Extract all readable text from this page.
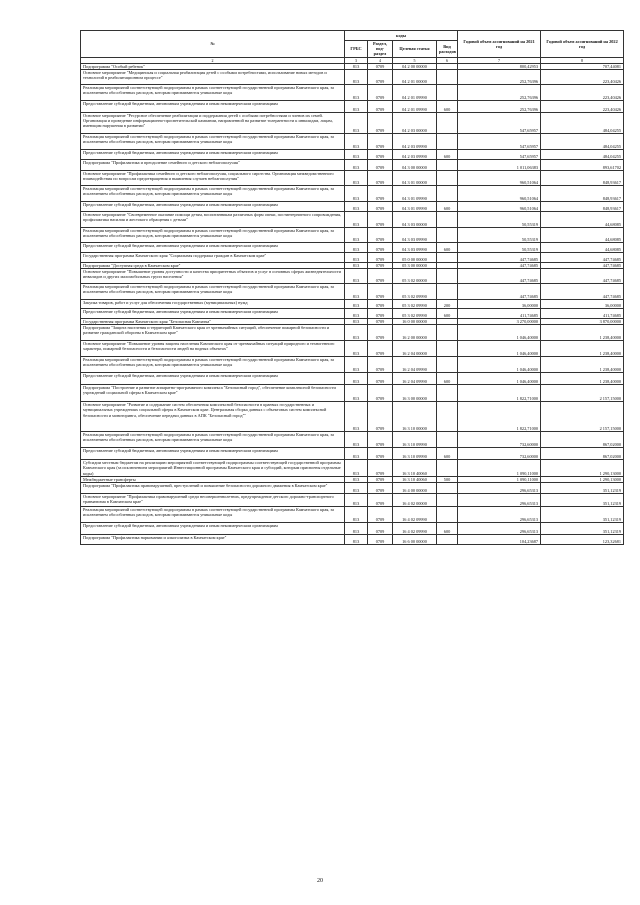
№	коды				Годовой объем ассигнований на 2021 год	Годовой объем ассигнований на 2022 год
	ГРБС	Раздел, под-раздел	Целевая статья	Вид расходов		
2	3	4	5	6	7	8
Подпрограмма "Особый ребенок"	813	0709	04 2 00 00000		800,42953	707,44081
Основное мероприятие "Медицинская и социальная реабилитация детей с особыми потребностями, использование новых методов и технологий в реабилитационном процессе"	813	0709	04 2 01 00000		252,76396	223,40426
Реализация мероприятий соответствующей подпрограммы в рамках соответствующей государственной программы Камчатского края, за исключением обособленных расходов, которым присваиваются уникальные коды	813	0709	04 2 01 09990		252,76396	223,40426
Предоставление субсидий бюджетным, автономным учреждениям и иным некоммерческим организациям	813	0709	04 2 01 09990	600	252,76396	223,40426
Основное мероприятие "Ресурсное обеспечение реабилитации и поддержания детей с особыми потребностями и членов их семей. Организация и проведение информационно-просветительской кампании, направленной на развитие толерантности к инвалидам, лицам, имеющим нарушения в развитии"	813	0709	04 2 03 00000		547,65957	484,04255
Реализация мероприятий соответствующей подпрограммы в рамках соответствующей государственной программы Камчатского края, за исключением обособленных расходов, которым присваиваются уникальные коды	813	0709	04 2 03 09990		547,65957	484,04255
Предоставление субсидий бюджетным, автономным учреждениям и иным некоммерческим организациям	813	0709	04 2 03 09990	600	547,65957	484,04255
Подпрограмма "Профилактика и преодоление семейного и детского неблагополучия"	813	0709	04 3 00 00000		1 011,06383	893,61702
Основное мероприятие "Профилактика семейного и детского неблагополучия, социального сиротства. Организация межведомственного взаимодействия по вопросам предотвращения и выявления случаев неблагополучия"	813	0709	04 3 01 00000		960,51064	848,93617
Реализация мероприятий соответствующей подпрограммы в рамках соответствующей государственной программы Камчатского края, за исключением обособленных расходов, которым присваиваются уникальные коды	813	0709	04 3 01 09990		960,51064	848,93617
Предоставление субсидий бюджетным, автономным учреждениям и иным некоммерческим организациям	813	0709	04 3 01 09990	600	960,51064	848,93617
Основное мероприятие "Своевременное оказание помощи детям, воспитанникам различных форм опеки, постинтернатного сопровождения, профилактика насилия и жестокого обращения с детьми"	813	0709	04 3 03 00000		50,55319	44,68085
Реализация мероприятий соответствующей подпрограммы в рамках соответствующей государственной программы Камчатского края, за исключением обособленных расходов, которым присваиваются уникальные коды	813	0709	04 3 03 09990		50,55319	44,68085
Предоставление субсидий бюджетным, автономным учреждениям и иным некоммерческим организациям	813	0709	04 3 03 09990	600	50,55319	44,68085
Государственная программа Камчатского края "Социальная поддержка граждан в Камчатском крае"	813	0709	05 0 00 00000		447,74685	447,74685
Подпрограмма "Доступная среда в Камчатском крае"	813	0709	05 3 00 00000		447,74685	447,74685
Основное мероприятие "Повышение уровня доступности и качества приоритетных объектов и услуг в основных сферах жизнедеятельности инвалидов и других маломобильных групп населения"	813	0709	05 3 02 00000		447,74685	447,74685
Реализация мероприятий соответствующей подпрограммы в рамках соответствующей государственной программы Камчатского края, за исключением обособленных расходов, которым присваиваются уникальные коды	813	0709	05 3 02 09990		447,74685	447,74685
Закупка товаров, работ и услуг для обеспечения государственных (муниципальных) нужд	813	0709	05 3 02 09990	200	36,00000	36,00000
Предоставление субсидий бюджетным, автономным учреждениям и иным некоммерческим организациям	813	0709	05 3 02 09990	600	411,74685	411,74685
Государственная программа Камчатского края "Безопасная Камчатка"	813	0709	16 0 00 00000		3 270,00000	3 870,00000
Подпрограмма "Защита населения и территорий Камчатского края от чрезвычайных ситуаций, обеспечение пожарной безопасности и развитие гражданской обороны в Камчатском крае"	813	0709	16 2 00 00000		1 046,40000	1 238,40000
Основное мероприятие "Повышение уровня защиты населения Камчатского края от чрезвычайных ситуаций природного и техногенного характера, пожарной безопасности и безопасности людей на водных объектах"	813	0709	16 2 04 00000		1 046,40000	1 238,40000
Реализация мероприятий соответствующей подпрограммы в рамках соответствующей государственной программы Камчатского края, за исключением обособленных расходов, которым присваиваются уникальные коды	813	0709	16 2 04 09990		1 046,40000	1 238,40000
Предоставление субсидий бюджетным, автономным учреждениям и иным некоммерческим организациям	813	0709	16 2 04 09990	600	1 046,40000	1 238,40000
Подпрограмма "Построение и развитие аппаратно-программного комплекса "Безопасный город", обеспечение комплексной безопасности учреждений социальной сферы в Камчатском крае"	813	0709	16 3 00 00000		1 822,71000	2 157,15000
Основное мероприятие "Развитие и содержание систем обеспечения комплексной безопасности в краевых государственных и муниципальных учреждениях социальной сферы в Камчатском крае. Центральная сборка данных с объектовых систем комплексной безопасности и мониторинга, обеспечение передачи данных в АПК "Безопасный город""	813	0709	16 3 10 00000		1 822,71000	2 157,15000
Реализация мероприятий соответствующей подпрограммы в рамках соответствующей государственной программы Камчатского края, за исключением обособленных расходов, которым присваиваются уникальные коды	813	0709	16 3 10 09990		732,60000	867,02000
Предоставление субсидий бюджетным, автономным учреждениям и иным некоммерческим организациям	813	0709	16 3 10 09990	600	732,60000	867,02000
Субсидии местным бюджетам на реализацию мероприятий соответствующей подпрограммы соответствующей государственной программы Камчатского края (за исключением мероприятий Инвестиционной программы Камчатского края и субсидий, которым присвоены отдельные коды)	813	0709	16 3 10 40060		1 090,11000	1 290,13000
Межбюджетные трансферты	813	0709	16 3 10 40060	500	1 090,11000	1 290,13000
Подпрограмма "Профилактика правонарушений, преступлений и повышение безопасности дорожного движения в Камчатском крае"	813	0709	16 4 00 00000		296,65313	351,12319
Основное мероприятие "Профилактика правонарушений среди несовершеннолетних, предупреждение детского дорожно-транспортного травматизма в Камчатском крае"	813	0709	16 4 02 00000		296,65313	351,12319
Реализация мероприятий соответствующей подпрограммы в рамках соответствующей государственной программы Камчатского края, за исключением обособленных расходов, которым присваиваются уникальные коды	813	0709	16 4 02 09990		296,65313	351,12319
Предоставление субсидий бюджетным, автономным учреждениям и иным некоммерческим организациям	813	0709	16 4 02 09990	600	296,65313	351,12319
Подпрограмма "Профилактика наркомании и алкоголизма в Камчатском крае"	813	0709	16 6 00 00000		104,23687	123,32681
20
